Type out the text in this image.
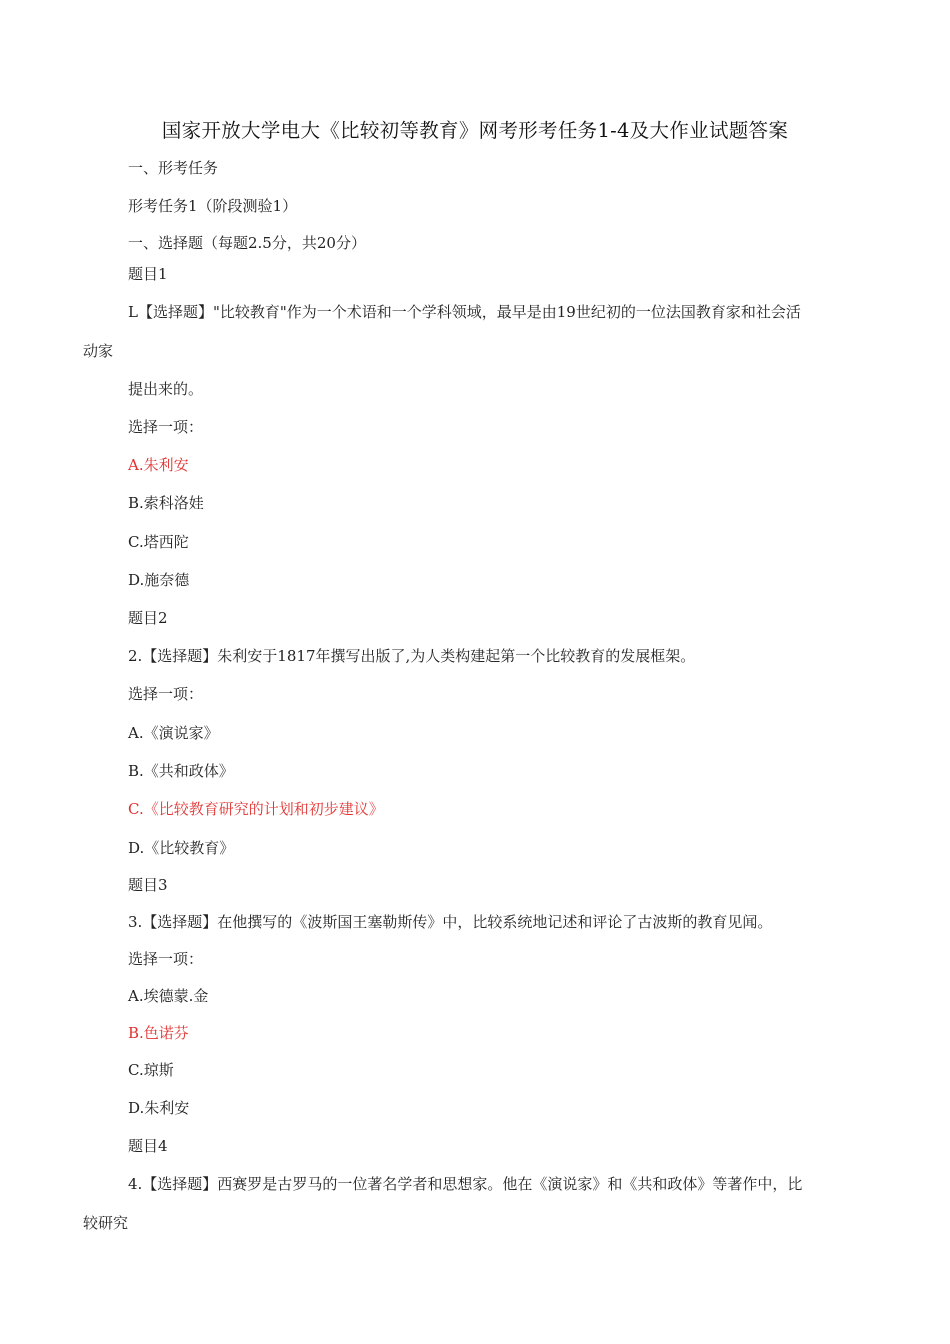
国家开放大学电大《比较初等教育》网考形考任务1-4及大作业试题答案
一、形考任务
形考任务1（阶段测验1）
一、选择题（每题2.5分，共20分）
题目1
L【选择题】"比较教育"作为一个术语和一个学科领域，最早是由19世纪初的一位法国教育家和社会活
动家
提出来的。
选择一项：
A.朱利安
B.索科洛娃
C.塔西陀
D.施奈德
题目2
2.【选择题】朱利安于1817年撰写出版了,为人类构建起第一个比较教育的发展框架。
选择一项：
A.《演说家》
B.《共和政体》
C.《比较教育研究的计划和初步建议》
D.《比较教育》
题目3
3.【选择题】在他撰写的《波斯国王塞勒斯传》中，比较系统地记述和评论了古波斯的教育见闻。
选择一项：
A.埃德蒙.金
B.色诺芬
C.琼斯
D.朱利安
题目4
4.【选择题】西赛罗是古罗马的一位著名学者和思想家。他在《演说家》和《共和政体》等著作中，比
较研究
